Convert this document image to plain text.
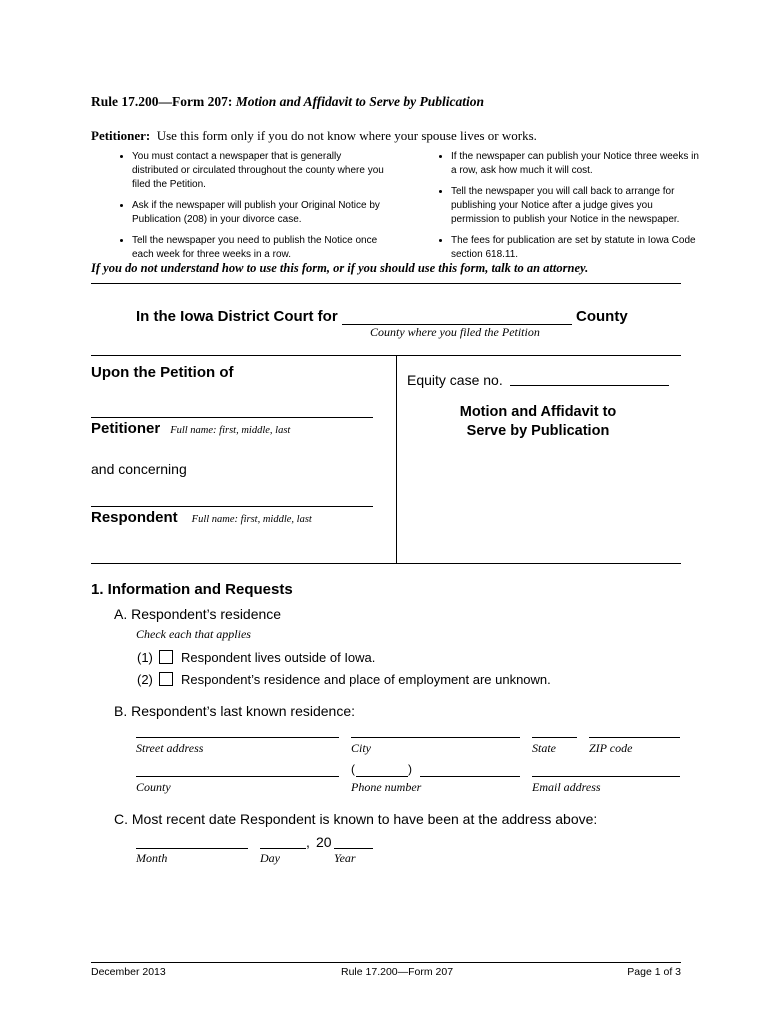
Rule 17.200—Form 207: Motion and Affidavit to Serve by Publication
Petitioner: Use this form only if you do not know where your spouse lives or works.
• You must contact a newspaper that is generally distributed or circulated throughout the county where you filed the Petition.
• Ask if the newspaper will publish your Original Notice by Publication (208) in your divorce case.
• Tell the newspaper you need to publish the Notice once each week for three weeks in a row.
• If the newspaper can publish your Notice three weeks in a row, ask how much it will cost.
• Tell the newspaper you will call back to arrange for publishing your Notice after a judge gives you permission to publish your Notice in the newspaper.
• The fees for publication are set by statute in Iowa Code section 618.11.
If you do not understand how to use this form, or if you should use this form, talk to an attorney.
In the Iowa District Court for	County
County where you filed the Petition
Upon the Petition of
Petitioner Full name: first, middle, last
and concerning
Respondent Full name: first, middle, last
Equity case no.
Motion and Affidavit to
Serve by Publication
1. Information and Requests
A. Respondent’s residence
Check each that applies
(1) Respondent lives outside of Iowa.
(2) Respondent’s residence and place of employment are unknown.
B. Respondent’s last known residence:
Street address	City	State	ZIP code
(	)
County	Phone number	Email address
C. Most recent date Respondent is known to have been at the address above:
, 20
Month	Day	Year
December 2013	Rule 17.200—Form 207	Page 1 of 3
